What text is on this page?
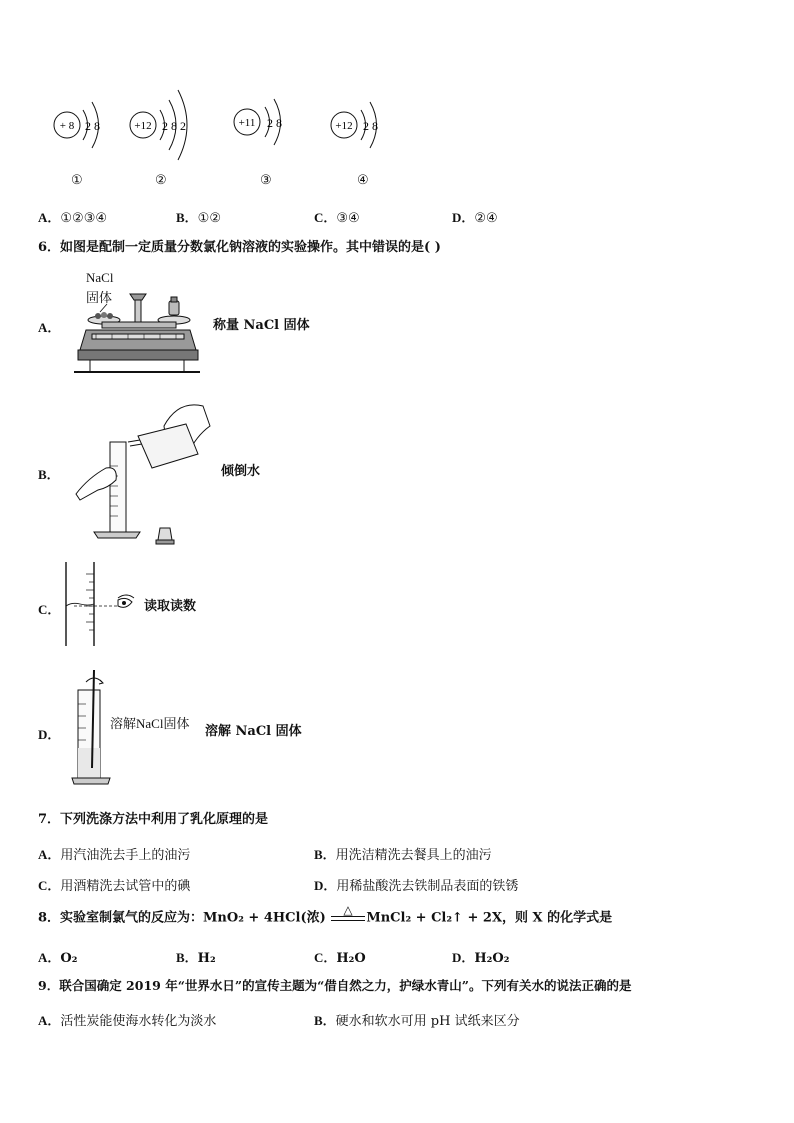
+ 8 2 8	+12 2 8 2	+11 2 8	+12 2 8
①	②	③	④
A．①②③④	B．①②	C．③④	D．②④
6．如图是配制一定质量分数氯化钠溶液的实验操作。其中错误的是( )
A．
NaCl
固体
称量 NaCl 固体
B．	倾倒水
C．	读取读数
D．
溶解NaCl固体
溶解 NaCl 固体
7．下列洗涤方法中利用了乳化原理的是
A．用汽油洗去手上的油污	B．用洗洁精洗去餐具上的油污
C．用酒精洗去试管中的碘	D．用稀盐酸洗去铁制品表面的铁锈
8．实验室制氯气的反应为：MnO₂ + 4HCl(浓)
△
MnCl₂ + Cl₂↑ + 2X，则 X 的化学式是
A．O₂	B．H₂	C．H₂O	D．H₂O₂
9．联合国确定 2019 年“世界水日”的宣传主题为“借自然之力，护绿水青山”。下列有关水的说法正确的是
A．活性炭能使海水转化为淡水	B．硬水和软水可用 pH 试纸来区分
